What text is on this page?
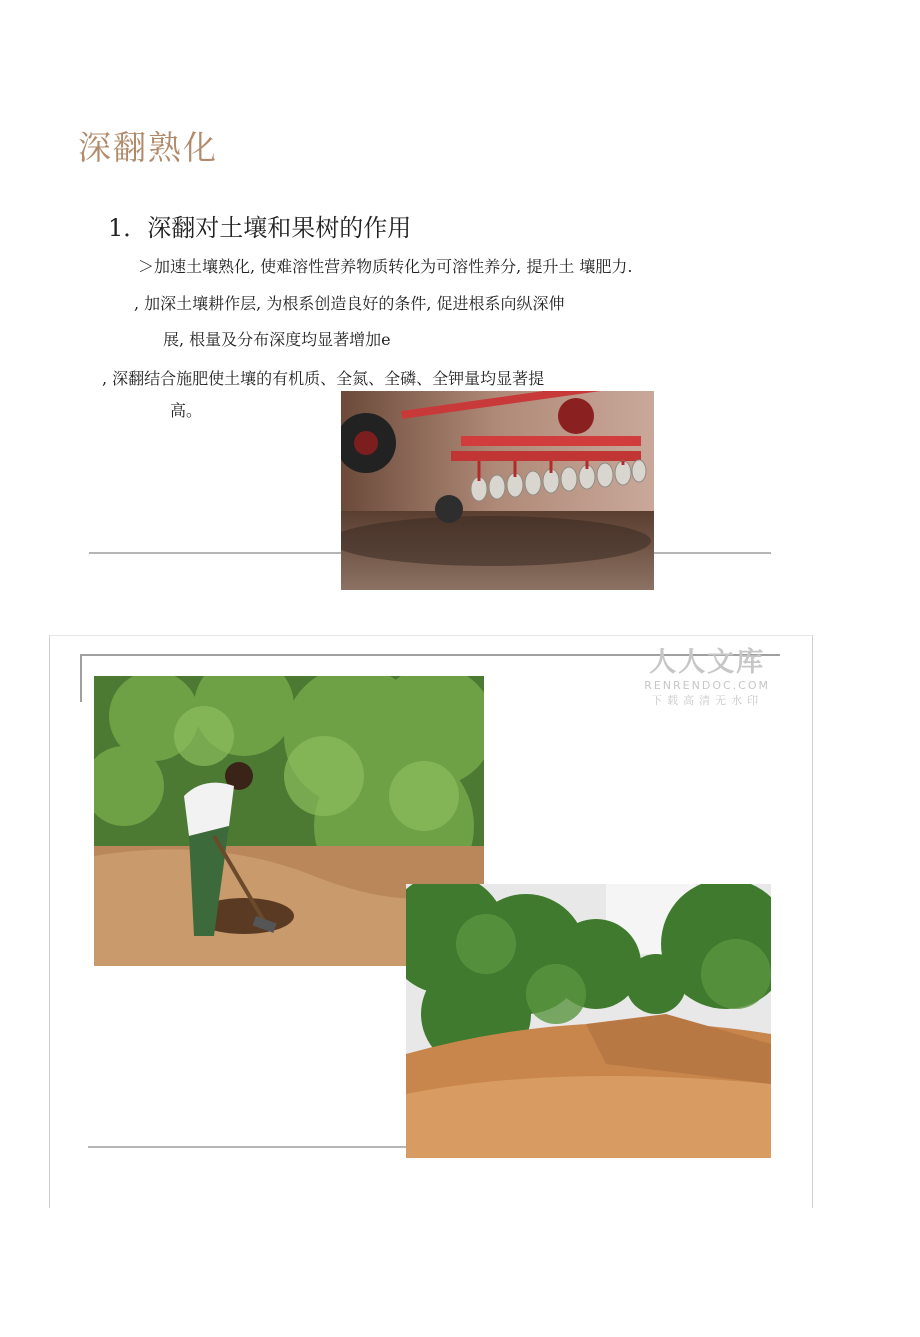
深翻熟化
1．深翻对土壤和果树的作用
＞加速土壤熟化, 使难溶性营养物质转化为可溶性养分, 提升土 壤肥力.
, 加深土壤耕作层, 为根系创造良好的条件, 促进根系向纵深伸
展, 根量及分布深度均显著增加e
, 深翻结合施肥使土壤的有机质、全氮、全磷、全钾量均显著提
高。
人人文库
RENRENDOC.COM
下载高清无水印
